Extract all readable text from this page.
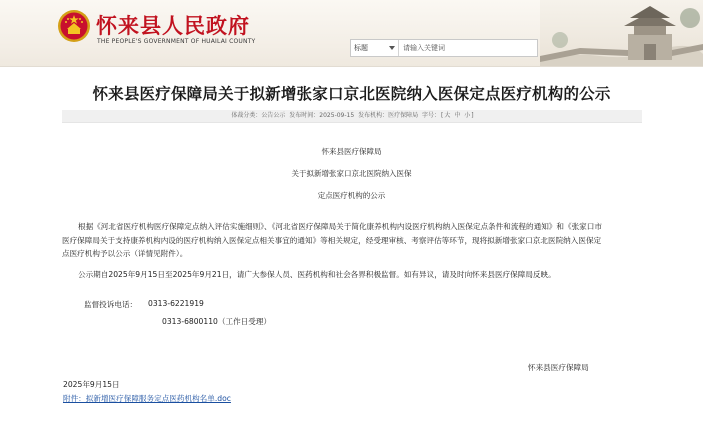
怀来县人民政府
THE PEOPLE'S GOVERNMENT OF HUAILAI COUNTY
标题	请输入关键词
怀来县医疗保障局关于拟新增张家口京北医院纳入医保定点医疗机构的公示
体裁分类：公告公示 发布时间：2025-09-15 发布机构：医疗保障局 字号：[大 中 小]
怀来县医疗保障局
关于拟新增张家口京北医院纳入医保
定点医疗机构的公示
根据《河北省医疗机构医疗保障定点纳入评估实施细则》、《河北省医疗保障局关于简化康养机构内设医疗机构纳入医保定点条件和流程的通知》和《张家口市医疗保障局关于支持康养机构内设的医疗机构纳入医保定点相关事宜的通知》等相关规定，经受理审核、考察评估等环节，现将拟新增张家口京北医院纳入医保定点医疗机构予以公示（详情见附件）。
公示期自2025年9月15日至2025年9月21日，请广大参保人员、医药机构和社会各界积极监督。如有异议，请及时向怀来县医疗保障局反映。
监督投诉电话： 0313-6221919
0313-6800110（工作日受理）
怀来县医疗保障局
2025年9月15日
附件：拟新增医疗保障服务定点医药机构名单.doc
